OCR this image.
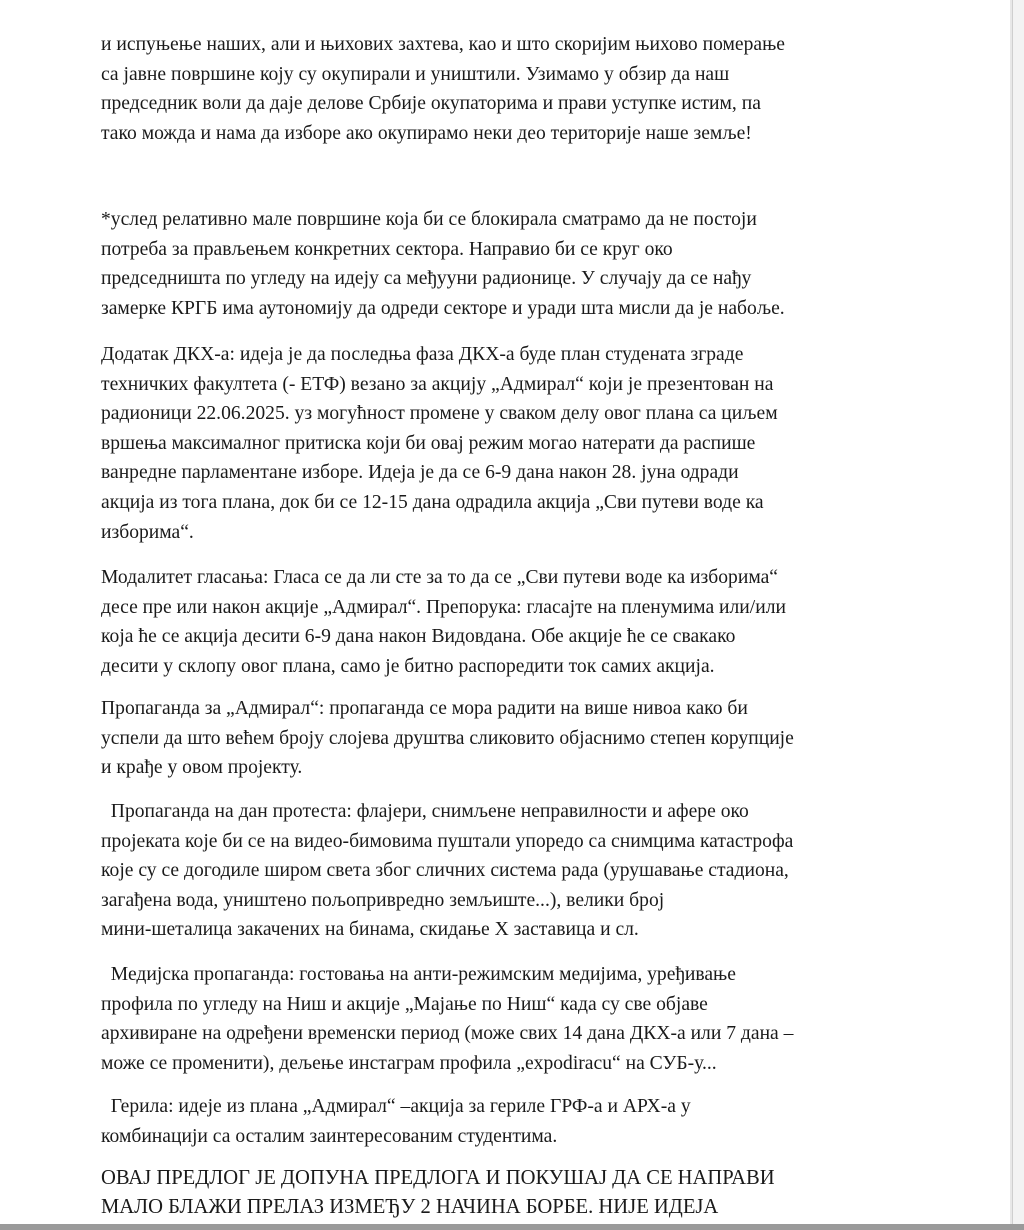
и испуњење наших, али и њихових захтева, као и што скоријим њихово померање
са јавне површине коју су окупирали и уништили. Узимамо у обзир да наш
председник воли да даје делове Србије окупаторима и прави уступке истим, па
тако можда и нама да изборе ако окупирамо неки део територије наше земље!

*услед релативно мале површине која би се блокирала сматрамо да не постоји
потреба за прављењем конкретних сектора. Направио би се круг око
председништа по угледу на идеју са међууни радионице. У случају да се нађу
замерке КРГБ има аутономију да одреди секторе и уради шта мисли да је набоље.

Додатак ДКХ-а: идеја је да последња фаза ДКХ-а буде план студената зграде
техничких факултета (- ЕТФ) везано за акцију „Адмирал“ који је презентован на
радионици 22.06.2025. уз могућност промене у сваком делу овог плана са циљем
вршења максималног притиска који би овај режим могао натерати да распише
ванредне парламентане изборе. Идеја је да се 6-9 дана након 28. јуна одради
акција из тога плана, док би се 12-15 дана одрадила акција „Сви путеви воде ка
изборима“.

Модалитет гласања: Гласа се да ли сте за то да се „Сви путеви воде ка изборима“
десе пре или након акције „Адмирал“. Препорука: гласајте на пленумима или/или
која ће се акција десити 6-9 дана након Видовдана. Обе акције ће се свакако
десити у склопу овог плана, само је битно распоредити ток самих акција.

Пропаганда за „Адмирал“: пропаганда се мора радити на више нивоа како би
успели да што већем броју слојева друштва сликовито објаснимо степен корупције
и крађе у овом пројекту.

Пропаганда на дан протеста: флајери, снимљене неправилности и афере око
пројеката које би се на видео-бимовима пуштали упоредо са снимцима катастрофа
које су се догодиле широм света због сличних система рада (урушавање стадиона,
загађена вода, уништено пољопривредно земљиште...), велики број
мини-шеталица закачених на бинама, скидање X заставица и сл.

Медијска пропаганда: гостовања на анти-режимским медијима, уређивање
профила по угледу на Ниш и акције „Мајање по Ниш“ када су све објаве
архивиране на одређени временски период (може свих 14 дана ДКХ-а или 7 дана –
може се променити), дељење инстаграм профила „expodiracu“ на СУБ-у...

Герила: идеје из плана „Адмирал“ –акција за гериле ГРФ-а и АРХ-а у
комбинацији са осталим заинтересованим студентима.

ОВАЈ ПРЕДЛОГ ЈЕ ДОПУНА ПРЕДЛОГА И ПОКУШАЈ ДА СЕ НАПРАВИ
МАЛО БЛАЖИ ПРЕЛАЗ ИЗМЕЂУ 2 НАЧИНА БОРБЕ. НИЈЕ ИДЕЈА
